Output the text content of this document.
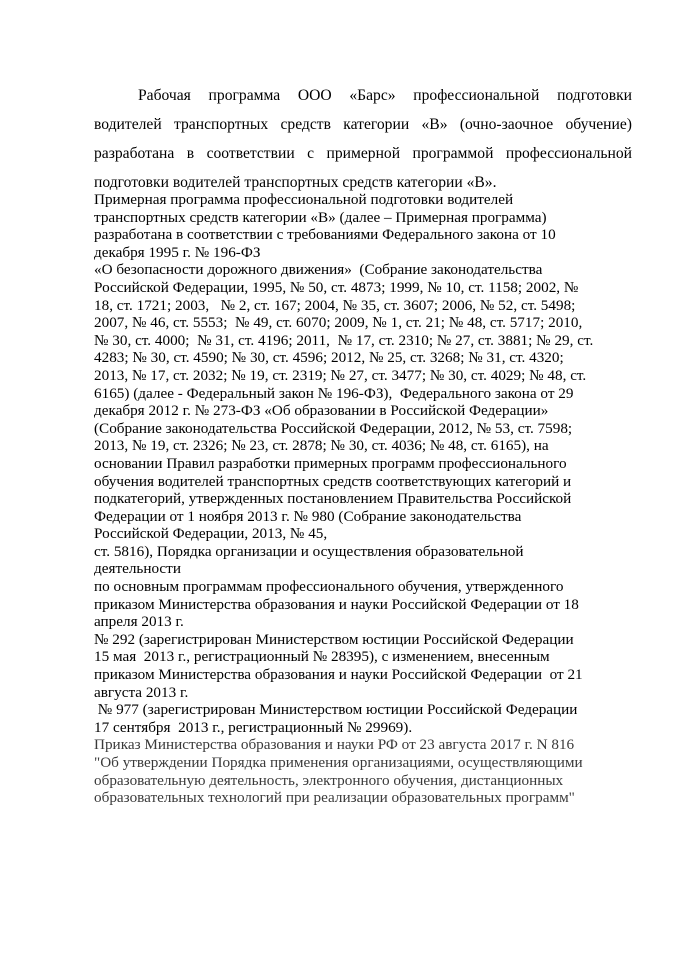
Рабочая программа ООО «Барс» профессиональной подготовки водителей транспортных средств категории «В» (очно-заочное обучение) разработана в соответствии с примерной программой профессиональной подготовки водителей транспортных средств категории «В».

Примерная программа профессиональной подготовки водителей
транспортных средств категории «В» (далее – Примерная программа)
разработана в соответствии с требованиями Федерального закона от 10
декабря 1995 г. № 196-ФЗ
«О безопасности дорожного движения»  (Собрание законодательства
Российской Федерации, 1995, № 50, ст. 4873; 1999, № 10, ст. 1158; 2002, №
18, ст. 1721; 2003,   № 2, ст. 167; 2004, № 35, ст. 3607; 2006, № 52, ст. 5498;
2007, № 46, ст. 5553;  № 49, ст. 6070; 2009, № 1, ст. 21; № 48, ст. 5717; 2010,
№ 30, ст. 4000;  № 31, ст. 4196; 2011,  № 17, ст. 2310; № 27, ст. 3881; № 29, ст.
4283; № 30, ст. 4590; № 30, ст. 4596; 2012, № 25, ст. 3268; № 31, ст. 4320;
2013, № 17, ст. 2032; № 19, ст. 2319; № 27, ст. 3477; № 30, ст. 4029; № 48, ст.
6165) (далее - Федеральный закон № 196-ФЗ),  Федерального закона от 29
декабря 2012 г. № 273-ФЗ «Об образовании в Российской Федерации»
(Собрание законодательства Российской Федерации, 2012, № 53, ст. 7598;
2013, № 19, ст. 2326; № 23, ст. 2878; № 30, ст. 4036; № 48, ст. 6165), на
основании Правил разработки примерных программ профессионального
обучения водителей транспортных средств соответствующих категорий и
подкатегорий, утвержденных постановлением Правительства Российской
Федерации от 1 ноября 2013 г. № 980 (Собрание законодательства
Российской Федерации, 2013, № 45,
ст. 5816), Порядка организации и осуществления образовательной
деятельности
по основным программам профессионального обучения, утвержденного
приказом Министерства образования и науки Российской Федерации от 18
апреля 2013 г.
№ 292 (зарегистрирован Министерством юстиции Российской Федерации
15 мая  2013 г., регистрационный № 28395), с изменением, внесенным
приказом Министерства образования и науки Российской Федерации  от 21
августа 2013 г.
№ 977 (зарегистрирован Министерством юстиции Российской Федерации
17 сентября  2013 г., регистрационный № 29969).
Приказ Министерства образования и науки РФ от 23 августа 2017 г. N 816
"Об утверждении Порядка применения организациями, осуществляющими
образовательную деятельность, электронного обучения, дистанционных
образовательных технологий при реализации образовательных программ"
